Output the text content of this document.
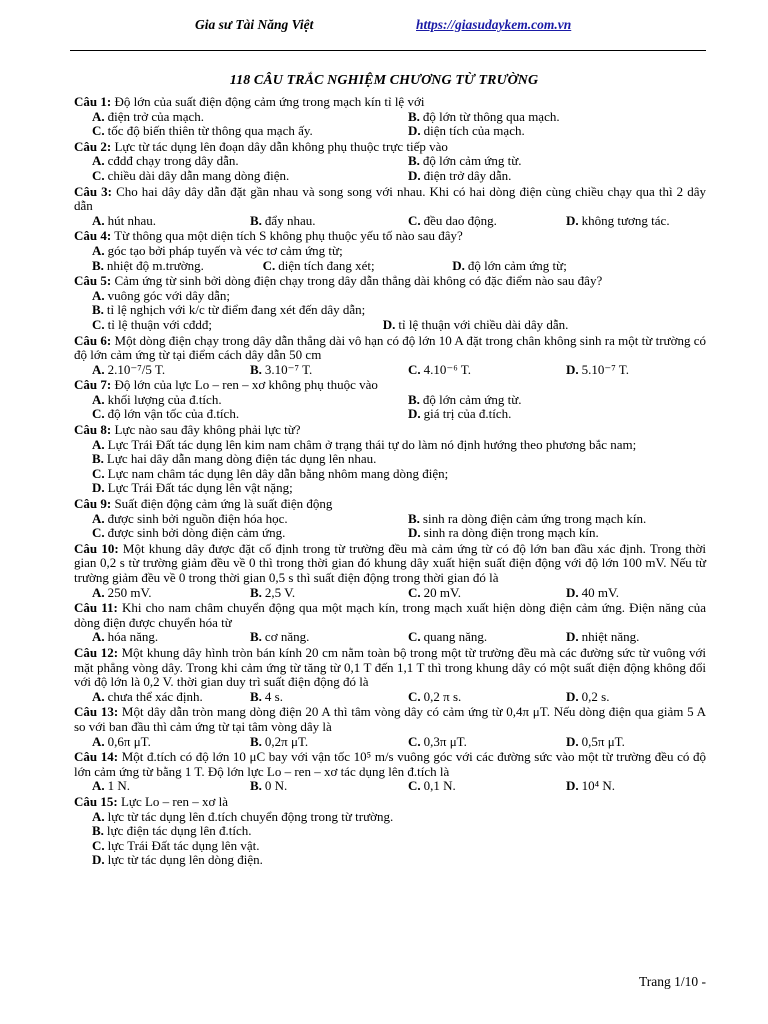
Gia sư Tài Năng Việt	https://giasudaykem.com.vn
118 CÂU TRẮC NGHIỆM CHƯƠNG TỪ TRƯỜNG
Câu 1: Độ lớn của suất điện động cảm ứng trong mạch kín tỉ lệ với
A. điện trở của mạch.	B. độ lớn từ thông qua mạch.
C. tốc độ biến thiên từ thông qua mạch ấy.	D. diện tích của mạch.
Câu 2: Lực từ tác dụng lên đoạn dây dẫn không phụ thuộc trực tiếp vào
A. cđdđ chạy trong dây dẫn.	B. độ lớn cảm ứng từ.
C. chiều dài dây dẫn mang dòng điện.	D. điện trở dây dẫn.
Câu 3: Cho hai dây dây dẫn đặt gần nhau và song song với nhau. Khi có hai dòng điện cùng chiều chạy qua thì 2 dây dẫn
A. hút nhau.	B. đẩy nhau.	C. đều dao động.	D. không tương tác.
Câu 4: Từ thông qua một diện tích S không phụ thuộc yếu tố nào sau đây?
A. góc tạo bởi pháp tuyến và véc tơ cảm ứng từ;
B. nhiệt độ m.trường.	C. diện tích đang xét;	D. độ lớn cảm ứng từ;
Câu 5: Cảm ứng từ sinh bởi dòng điện chạy trong dây dẫn thẳng dài không có đặc điểm nào sau đây?
A. vuông góc với dây dẫn;
B. tỉ lệ nghịch với k/c từ điểm đang xét đến dây dẫn;
C. tỉ lệ thuận với cđdđ;	D. tỉ lệ thuận với chiều dài dây dẫn.
Câu 6: Một dòng điện chạy trong dây dẫn thẳng dài vô hạn có độ lớn 10 A đặt trong chân không sinh ra một từ trường có độ lớn cảm ứng từ tại điểm cách dây dẫn 50 cm
A. 2.10⁻⁷/5 T.	B. 3.10⁻⁷ T.	C. 4.10⁻⁶ T.	D. 5.10⁻⁷ T.
Câu 7: Độ lớn của lực Lo – ren – xơ không phụ thuộc vào
A. khối lượng của đ.tích.	B. độ lớn cảm ứng từ.
C. độ lớn vận tốc của đ.tích.	D. giá trị của đ.tích.
Câu 8: Lực nào sau đây không phải lực từ?
A. Lực Trái Đất tác dụng lên kim nam châm ở trạng thái tự do làm nó định hướng theo phương bắc nam;
B. Lực hai dây dẫn mang dòng điện tác dụng lên nhau.
C. Lực nam châm tác dụng lên dây dẫn bằng nhôm mang dòng điện;
D. Lực Trái Đất tác dụng lên vật nặng;
Câu 9: Suất điện động cảm ứng là suất điện động
A. được sinh bởi nguồn điện hóa học.	B. sinh ra dòng điện cảm ứng trong mạch kín.
C. được sinh bởi dòng điện cảm ứng.	D. sinh ra dòng điện trong mạch kín.
Câu 10: Một khung dây được đặt cố định trong từ trường đều mà cảm ứng từ có độ lớn ban đầu xác định. Trong thời gian 0,2 s từ trường giảm đều về 0 thì trong thời gian đó khung dây xuất hiện suất điện động với độ lớn 100 mV. Nếu từ trường giảm đều về 0 trong thời gian 0,5 s thì suất điện động trong thời gian đó là
A. 250 mV.	B. 2,5 V.	C. 20 mV.	D. 40 mV.
Câu 11: Khi cho nam châm chuyển động qua một mạch kín, trong mạch xuất hiện dòng điện cảm ứng. Điện năng của dòng điện được chuyển hóa từ
A. hóa năng.	B. cơ năng.	C. quang năng.	D. nhiệt năng.
Câu 12: Một khung dây hình tròn bán kính 20 cm nằm toàn bộ trong một từ trường đều mà các đường sức từ vuông với mặt phẳng vòng dây. Trong khi cảm ứng từ tăng từ 0,1 T đến 1,1 T thì trong khung dây có một suất điện động không đổi với độ lớn là 0,2 V. thời gian duy trì suất điện động đó là
A. chưa thể xác định.	B. 4 s.	C. 0,2 π s.	D. 0,2 s.
Câu 13: Một dây dẫn tròn mang dòng điện 20 A thì tâm vòng dây có cảm ứng từ 0,4π μT. Nếu dòng điện qua giảm 5 A so với ban đầu thì cảm ứng từ tại tâm vòng dây là
A. 0,6π μT.	B. 0,2π μT.	C. 0,3π μT.	D. 0,5π μT.
Câu 14: Một đ.tích có độ lớn 10 μC bay với vận tốc 10⁵ m/s vuông góc với các đường sức vào một từ trường đều có độ lớn cảm ứng từ bằng 1 T. Độ lớn lực Lo – ren – xơ tác dụng lên đ.tích là
A. 1 N.	B. 0 N.	C. 0,1 N.	D. 10⁴ N.
Câu 15: Lực Lo – ren – xơ là
A. lực từ tác dụng lên đ.tích chuyển động trong từ trường.
B. lực điện tác dụng lên đ.tích.
C. lực Trái Đất tác dụng lên vật.
D. lực từ tác dụng lên dòng điện.
Trang 1/10 -
